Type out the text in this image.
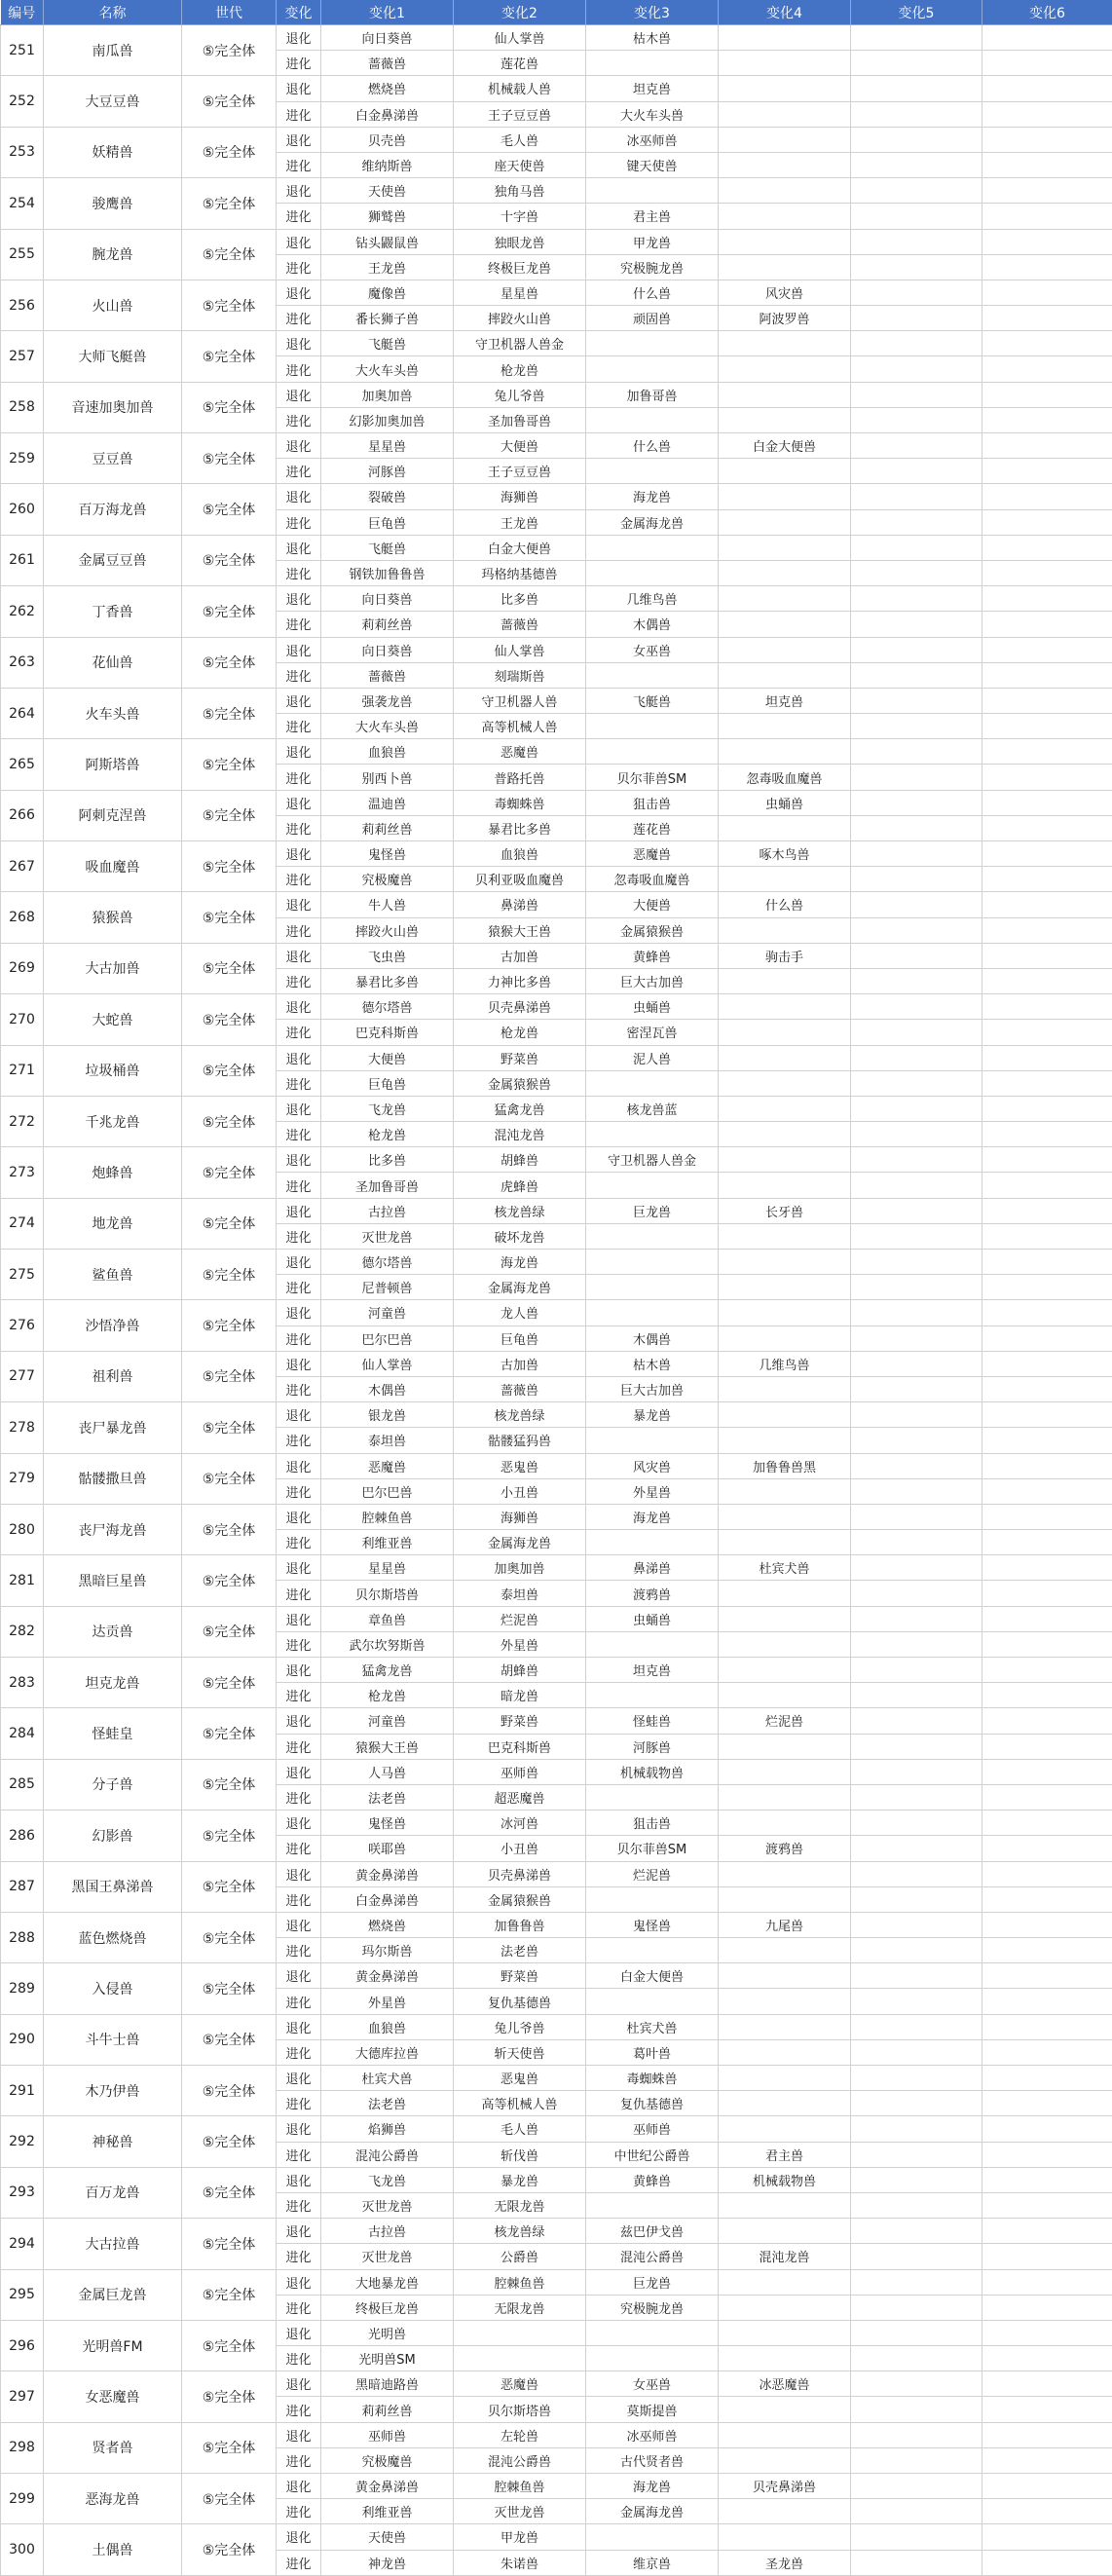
编号	名称	世代	变化	变化1	变化2	变化3	变化4	变化5	变化6
251	南瓜兽	⑤完全体	退化	向日葵兽	仙人掌兽	枯木兽			
			进化	蔷薇兽	莲花兽				
252	大豆豆兽	⑤完全体	退化	燃烧兽	机械载人兽	坦克兽			
			进化	白金鼻涕兽	王子豆豆兽	大火车头兽			
253	妖精兽	⑤完全体	退化	贝壳兽	毛人兽	冰巫师兽			
			进化	维纳斯兽	座天使兽	键天使兽			
254	骏鹰兽	⑤完全体	退化	天使兽	独角马兽				
			进化	狮鹫兽	十字兽	君主兽			
255	腕龙兽	⑤完全体	退化	钻头鼹鼠兽	独眼龙兽	甲龙兽			
			进化	王龙兽	终极巨龙兽	究极腕龙兽			
256	火山兽	⑤完全体	退化	魔像兽	星星兽	什么兽	风灾兽		
			进化	番长狮子兽	摔跤火山兽	顽固兽	阿波罗兽		
257	大师飞艇兽	⑤完全体	退化	飞艇兽	守卫机器人兽金				
			进化	大火车头兽	枪龙兽				
258	音速加奥加兽	⑤完全体	退化	加奥加兽	兔儿爷兽	加鲁哥兽			
			进化	幻影加奥加兽	圣加鲁哥兽				
259	豆豆兽	⑤完全体	退化	星星兽	大便兽	什么兽	白金大便兽		
			进化	河豚兽	王子豆豆兽				
260	百万海龙兽	⑤完全体	退化	裂破兽	海狮兽	海龙兽			
			进化	巨龟兽	王龙兽	金属海龙兽			
261	金属豆豆兽	⑤完全体	退化	飞艇兽	白金大便兽				
			进化	钢铁加鲁鲁兽	玛格纳基德兽				
262	丁香兽	⑤完全体	退化	向日葵兽	比多兽	几维鸟兽			
			进化	莉莉丝兽	蔷薇兽	木偶兽			
263	花仙兽	⑤完全体	退化	向日葵兽	仙人掌兽	女巫兽			
			进化	蔷薇兽	刻瑞斯兽				
264	火车头兽	⑤完全体	退化	强袭龙兽	守卫机器人兽	飞艇兽	坦克兽		
			进化	大火车头兽	高等机械人兽				
265	阿斯塔兽	⑤完全体	退化	血狼兽	恶魔兽				
			进化	别西卜兽	普路托兽	贝尔菲兽SM	忽毒吸血魔兽		
266	阿刺克涅兽	⑤完全体	退化	温迪兽	毒蜘蛛兽	狙击兽	虫蛹兽		
			进化	莉莉丝兽	暴君比多兽	莲花兽			
267	吸血魔兽	⑤完全体	退化	鬼怪兽	血狼兽	恶魔兽	啄木鸟兽		
			进化	究极魔兽	贝利亚吸血魔兽	忽毒吸血魔兽			
268	猿猴兽	⑤完全体	退化	牛人兽	鼻涕兽	大便兽	什么兽		
			进化	摔跤火山兽	猿猴大王兽	金属猿猴兽			
269	大古加兽	⑤完全体	退化	飞虫兽	古加兽	黄蜂兽	驹击手		
			进化	暴君比多兽	力神比多兽	巨大古加兽			
270	大蛇兽	⑤完全体	退化	德尔塔兽	贝壳鼻涕兽	虫蛹兽			
			进化	巴克科斯兽	枪龙兽	密涅瓦兽			
271	垃圾桶兽	⑤完全体	退化	大便兽	野菜兽	泥人兽			
			进化	巨龟兽	金属猿猴兽				
272	千兆龙兽	⑤完全体	退化	飞龙兽	猛禽龙兽	核龙兽蓝			
			进化	枪龙兽	混沌龙兽				
273	炮蜂兽	⑤完全体	退化	比多兽	胡蜂兽	守卫机器人兽金			
			进化	圣加鲁哥兽	虎蜂兽				
274	地龙兽	⑤完全体	退化	古拉兽	核龙兽绿	巨龙兽	长牙兽		
			进化	灭世龙兽	破坏龙兽				
275	鲨鱼兽	⑤完全体	退化	德尔塔兽	海龙兽				
			进化	尼普顿兽	金属海龙兽				
276	沙悟净兽	⑤完全体	退化	河童兽	龙人兽				
			进化	巴尔巴兽	巨龟兽	木偶兽			
277	祖利兽	⑤完全体	退化	仙人掌兽	古加兽	枯木兽	几维鸟兽		
			进化	木偶兽	蔷薇兽	巨大古加兽			
278	丧尸暴龙兽	⑤完全体	退化	银龙兽	核龙兽绿	暴龙兽			
			进化	泰坦兽	骷髅猛犸兽				
279	骷髅撒旦兽	⑤完全体	退化	恶魔兽	恶鬼兽	风灾兽	加鲁鲁兽黑		
			进化	巴尔巴兽	小丑兽	外星兽			
280	丧尸海龙兽	⑤完全体	退化	腔棘鱼兽	海狮兽	海龙兽			
			进化	利维亚兽	金属海龙兽				
281	黑暗巨星兽	⑤完全体	退化	星星兽	加奥加兽	鼻涕兽	杜宾犬兽		
			进化	贝尔斯塔兽	泰坦兽	渡鸦兽			
282	达贡兽	⑤完全体	退化	章鱼兽	烂泥兽	虫蛹兽			
			进化	武尔坎努斯兽	外星兽				
283	坦克龙兽	⑤完全体	退化	猛禽龙兽	胡蜂兽	坦克兽			
			进化	枪龙兽	暗龙兽				
284	怪蛙皇	⑤完全体	退化	河童兽	野菜兽	怪蛙兽	烂泥兽		
			进化	猿猴大王兽	巴克科斯兽	河豚兽			
285	分子兽	⑤完全体	退化	人马兽	巫师兽	机械载物兽			
			进化	法老兽	超恶魔兽				
286	幻影兽	⑤完全体	退化	鬼怪兽	冰河兽	狙击兽			
			进化	咲耶兽	小丑兽	贝尔菲兽SM	渡鸦兽		
287	黑国王鼻涕兽	⑤完全体	退化	黄金鼻涕兽	贝壳鼻涕兽	烂泥兽			
			进化	白金鼻涕兽	金属猿猴兽				
288	蓝色燃烧兽	⑤完全体	退化	燃烧兽	加鲁鲁兽	鬼怪兽	九尾兽		
			进化	玛尔斯兽	法老兽				
289	入侵兽	⑤完全体	退化	黄金鼻涕兽	野菜兽	白金大便兽			
			进化	外星兽	复仇基德兽				
290	斗牛士兽	⑤完全体	退化	血狼兽	兔儿爷兽	杜宾犬兽			
			进化	大德库拉兽	斩天使兽	葛叶兽			
291	木乃伊兽	⑤完全体	退化	杜宾犬兽	恶鬼兽	毒蜘蛛兽			
			进化	法老兽	高等机械人兽	复仇基德兽			
292	神秘兽	⑤完全体	退化	焰狮兽	毛人兽	巫师兽			
			进化	混沌公爵兽	斩伐兽	中世纪公爵兽	君主兽		
293	百万龙兽	⑤完全体	退化	飞龙兽	暴龙兽	黄蜂兽	机械载物兽		
			进化	灭世龙兽	无限龙兽				
294	大古拉兽	⑤完全体	退化	古拉兽	核龙兽绿	兹巴伊戈兽			
			进化	灭世龙兽	公爵兽	混沌公爵兽	混沌龙兽		
295	金属巨龙兽	⑤完全体	退化	大地暴龙兽	腔棘鱼兽	巨龙兽			
			进化	终极巨龙兽	无限龙兽	究极腕龙兽			
296	光明兽FM	⑤完全体	退化	光明兽					
			进化	光明兽SM					
297	女恶魔兽	⑤完全体	退化	黑暗迪路兽	恶魔兽	女巫兽	冰恶魔兽		
			进化	莉莉丝兽	贝尔斯塔兽	莫斯提兽			
298	贤者兽	⑤完全体	退化	巫师兽	左轮兽	冰巫师兽			
			进化	究极魔兽	混沌公爵兽	古代贤者兽			
299	恶海龙兽	⑤完全体	退化	黄金鼻涕兽	腔棘鱼兽	海龙兽	贝壳鼻涕兽		
			进化	利维亚兽	灭世龙兽	金属海龙兽			
300	土偶兽	⑤完全体	退化	天使兽	甲龙兽				
			进化	神龙兽	朱诺兽	维京兽	圣龙兽		
